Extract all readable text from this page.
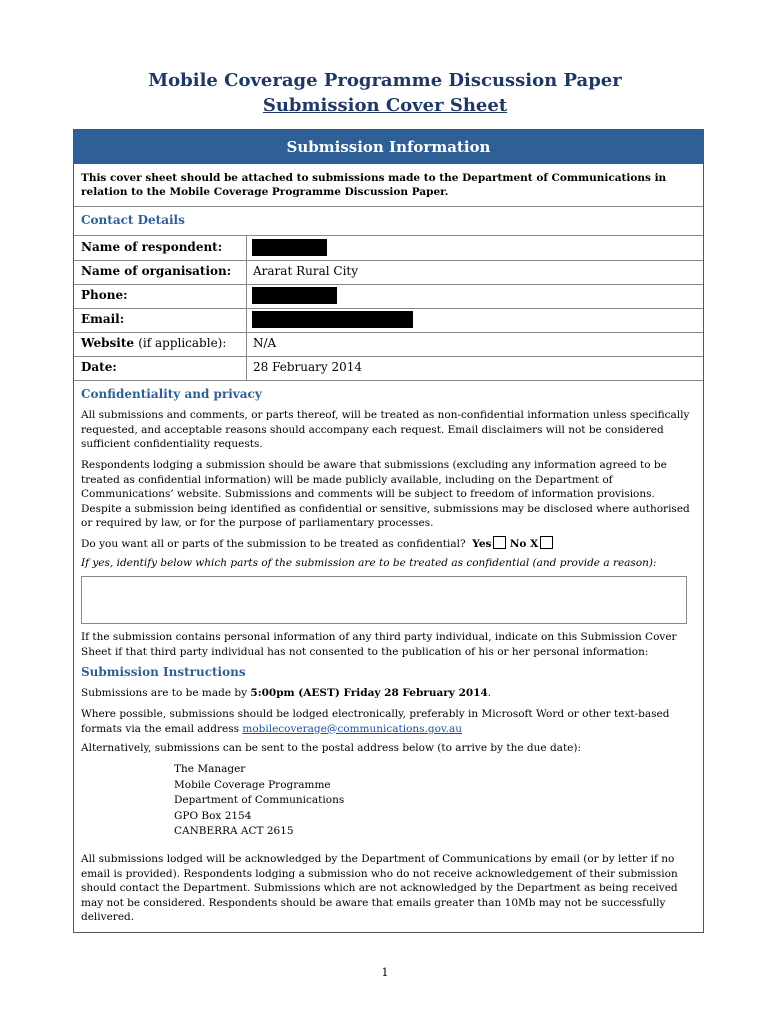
Mobile Coverage Programme Discussion Paper
Submission Cover Sheet
Submission Information
This cover sheet should be attached to submissions made to the Department of Communications in relation to the Mobile Coverage Programme Discussion Paper.
Contact Details
Name of respondent:
Name of organisation: Ararat Rural City
Phone:
Email:
Website (if applicable): N/A
Date:	28 February 2014
Confidentiality and privacy
All submissions and comments, or parts thereof, will be treated as non-confidential information unless specifically requested, and acceptable reasons should accompany each request. Email disclaimers will not be considered sufficient confidentiality requests.
Respondents lodging a submission should be aware that submissions (excluding any information agreed to be treated as confidential information) will be made publicly available, including on the Department of Communications’ website. Submissions and comments will be subject to freedom of information provisions. Despite a submission being identified as confidential or sensitive, submissions may be disclosed where authorised or required by law, or for the purpose of parliamentary processes.
Do you want all or parts of the submission to be treated as confidential? Yes No X
If yes, identify below which parts of the submission are to be treated as confidential (and provide a reason):
If the submission contains personal information of any third party individual, indicate on this Submission Cover Sheet if that third party individual has not consented to the publication of his or her personal information:
Submission Instructions
Submissions are to be made by 5:00pm (AEST) Friday 28 February 2014.
Where possible, submissions should be lodged electronically, preferably in Microsoft Word or other text-based formats via the email address mobilecoverage@communications.gov.au
Alternatively, submissions can be sent to the postal address below (to arrive by the due date):
The Manager
Mobile Coverage Programme
Department of Communications
GPO Box 2154
CANBERRA ACT 2615
All submissions lodged will be acknowledged by the Department of Communications by email (or by letter if no email is provided). Respondents lodging a submission who do not receive acknowledgement of their submission should contact the Department. Submissions which are not acknowledged by the Department as being received may not be considered. Respondents should be aware that emails greater than 10Mb may not be successfully delivered.
1
